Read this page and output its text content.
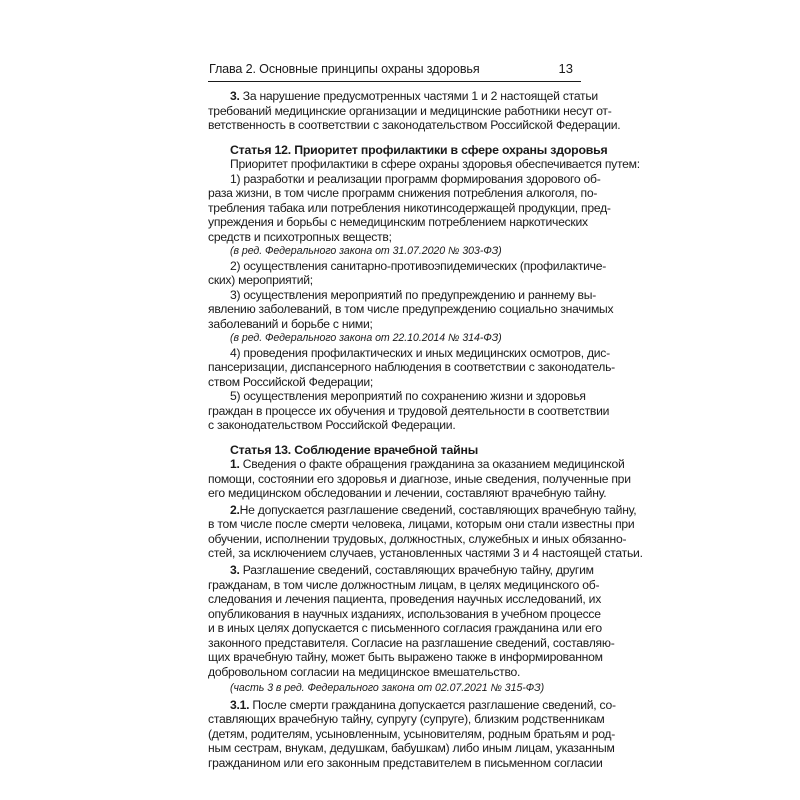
Глава 2. Основные принципы охраны здоровья	13
3. За нарушение предусмотренных частями 1 и 2 настоящей статьи
требований медицинские организации и медицинские работники несут от-
ветственность в соответствии с законодательством Российской Федерации.

Статья 12. Приоритет профилактики в сфере охраны здоровья

Приоритет профилактики в сфере охраны здоровья обеспечивается путем:
1) разработки и реализации программ формирования здорового об-
раза жизни, в том числе программ снижения потребления алкоголя, по-
требления табака или потребления никотинсодержащей продукции, пред-
упреждения и борьбы с немедицинским потреблением наркотических
средств и психотропных веществ;

(в ред. Федерального закона от 31.07.2020 № 303-ФЗ)

2) осуществления санитарно-противоэпидемических (профилактиче-
ских) мероприятий;
3) осуществления мероприятий по предупреждению и раннему вы-
явлению заболеваний, в том числе предупреждению социально значимых
заболеваний и борьбе с ними;

(в ред. Федерального закона от 22.10.2014 № 314-ФЗ)

4) проведения профилактических и иных медицинских осмотров, дис-
пансеризации, диспансерного наблюдения в соответствии с законодатель-
ством Российской Федерации;
5) осуществления мероприятий по сохранению жизни и здоровья
граждан в процессе их обучения и трудовой деятельности в соответствии
с законодательством Российской Федерации.

Статья 13. Соблюдение врачебной тайны

1. Сведения о факте обращения гражданина за оказанием медицинской
помощи, состоянии его здоровья и диагнозе, иные сведения, полученные при
его медицинском обследовании и лечении, составляют врачебную тайну.
2.Не допускается разглашение сведений, составляющих врачебную тайну,
в том числе после смерти человека, лицами, которым они стали известны при
обучении, исполнении трудовых, должностных, служебных и иных обязанно-
стей, за исключением случаев, установленных частями 3 и 4 настоящей статьи.
3. Разглашение сведений, составляющих врачебную тайну, другим
гражданам, в том числе должностным лицам, в целях медицинского об-
следования и лечения пациента, проведения научных исследований, их
опубликования в научных изданиях, использования в учебном процессе
и в иных целях допускается с письменного согласия гражданина или его
законного представителя. Согласие на разглашение сведений, составляю-
щих врачебную тайну, может быть выражено также в информированном
добровольном согласии на медицинское вмешательство.

(часть 3 в ред. Федерального закона от 02.07.2021 № 315-ФЗ)

3.1. После смерти гражданина допускается разглашение сведений, со-
ставляющих врачебную тайну, супругу (супруге), близким родственникам
(детям, родителям, усыновленным, усыновителям, родным братьям и род-
ным сестрам, внукам, дедушкам, бабушкам) либо иным лицам, указанным
гражданином или его законным представителем в письменном согласии
